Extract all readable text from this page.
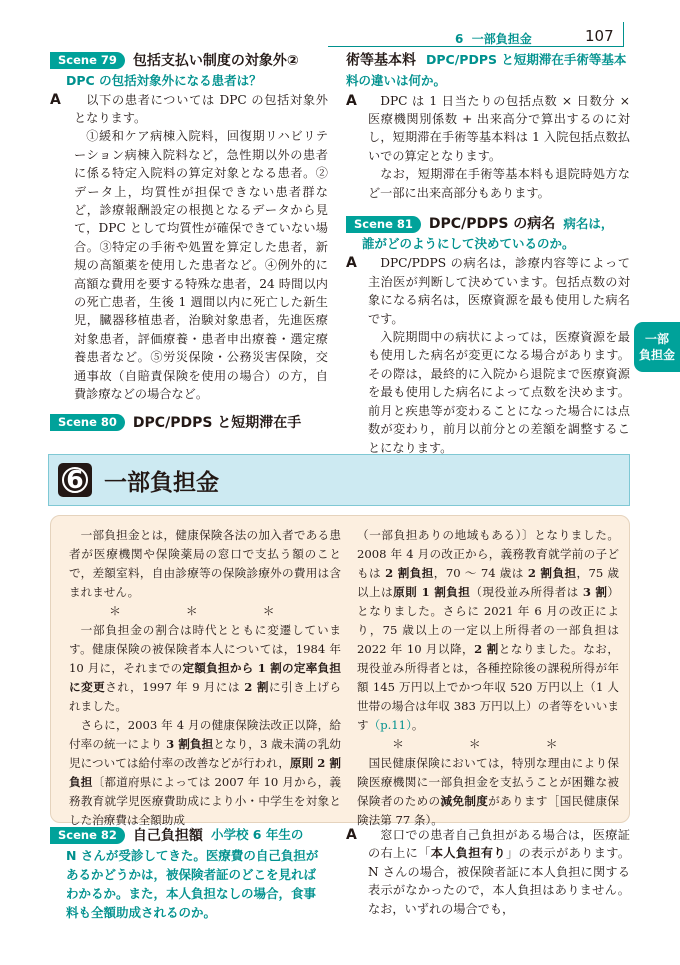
6 一部負担金	107
一部
負担金
Scene 79 包括支払い制度の対象外②
DPC の包括対象外になる患者は？
A	以下の患者については DPC の包括対象外となります。
①緩和ケア病棟入院料，回復期リハビリテーション病棟入院料など，急性期以外の患者に係る特定入院料の算定対象となる患者。②データ上，均質性が担保できない患者群など，診療報酬設定の根拠となるデータから見て，DPC として均質性が確保できていない場合。③特定の手術や処置を算定した患者，新規の高額薬を使用した患者など。④例外的に高額な費用を要する特殊な患者，24 時間以内の死亡患者，生後 1 週間以内に死亡した新生児，臓器移植患者，治験対象患者，先進医療対象患者，評価療養・患者申出療養・選定療養患者など。⑤労災保険・公務災害保険，交通事故（自賠責保険を使用の場合）の方，自費診療などの場合など。
Scene 80 DPC/PDPS と短期滞在手
術等基本料 DPC/PDPS と短期滞在手術等基本料の違いは何か。
A	DPC は 1 日当たりの包括点数 × 日数分 × 医療機関別係数 + 出来高分で算出するのに対し，短期滞在手術等基本料は 1 入院包括点数払いでの算定となります。
なお，短期滞在手術等基本料も退院時処方など一部に出来高部分もあります。
Scene 81 DPC/PDPS の病名 病名は，
誰がどのようにして決めているのか。
A	DPC/PDPS の病名は，診療内容等によって主治医が判断して決めています。包括点数の対象になる病名は，医療資源を最も使用した病名です。
入院期間中の病状によっては，医療資源を最も使用した病名が変更になる場合があります。その際は，最終的に入院から退院まで医療資源を最も使用した病名によって点数を決めます。前月と疾患等が変わることになった場合には点数が変わり，前月以前分との差額を調整することになります。
6 一部負担金
一部負担金とは，健康保険各法の加入者である患者が医療機関や保険薬局の窓口で支払う額のことで，差額室料，自由診療等の保険診療外の費用は含まれません。
＊　＊　＊
一部負担金の割合は時代とともに変遷しています。健康保険の被保険者本人については，1984 年 10 月に，それまでの定額負担から 1 割の定率負担に変更され，1997 年 9 月には 2 割に引き上げられました。
さらに，2003 年 4 月の健康保険法改正以降，給付率の統一により 3 割負担となり，3 歳未満の乳幼児については給付率の改善などが行われ，原則 2 割負担〔都道府県によっては 2007 年 10 月から，義務教育就学児医療費助成により小・中学生を対象とした治療費は全額助成
（一部負担ありの地域もある）〕となりました。2008 年 4 月の改正から，義務教育就学前の子どもは 2 割負担，70 ～ 74 歳は 2 割負担，75 歳以上は原則 1 割負担（現役並み所得者は 3 割）となりました。さらに 2021 年 6 月の改正により，75 歳以上の一定以上所得者の一部負担は 2022 年 10 月以降，2 割となりました。なお，現役並み所得者とは，各種控除後の課税所得が年額 145 万円以上でかつ年収 520 万円以上（1 人世帯の場合は年収 383 万円以上）の者等をいいます（p.11）。
＊　＊　＊
国民健康保険においては，特別な理由により保険医療機関に一部負担金を支払うことが困難な被保険者のための減免制度があります［国民健康保険法第 77 条）。
Scene 82 自己負担額 小学校 6 年生の
N さんが受診してきた。医療費の自己負担があるかどうかは，被保険者証のどこを見ればわかるか。また，本人負担なしの場合，食事料も全額助成されるのか。
A	窓口での患者自己負担がある場合は，医療証の右上に「本人負担有り」の表示があります。N さんの場合，被保険者証に本人負担に関する表示がなかったので，本人負担はありません。なお，いずれの場合でも，
